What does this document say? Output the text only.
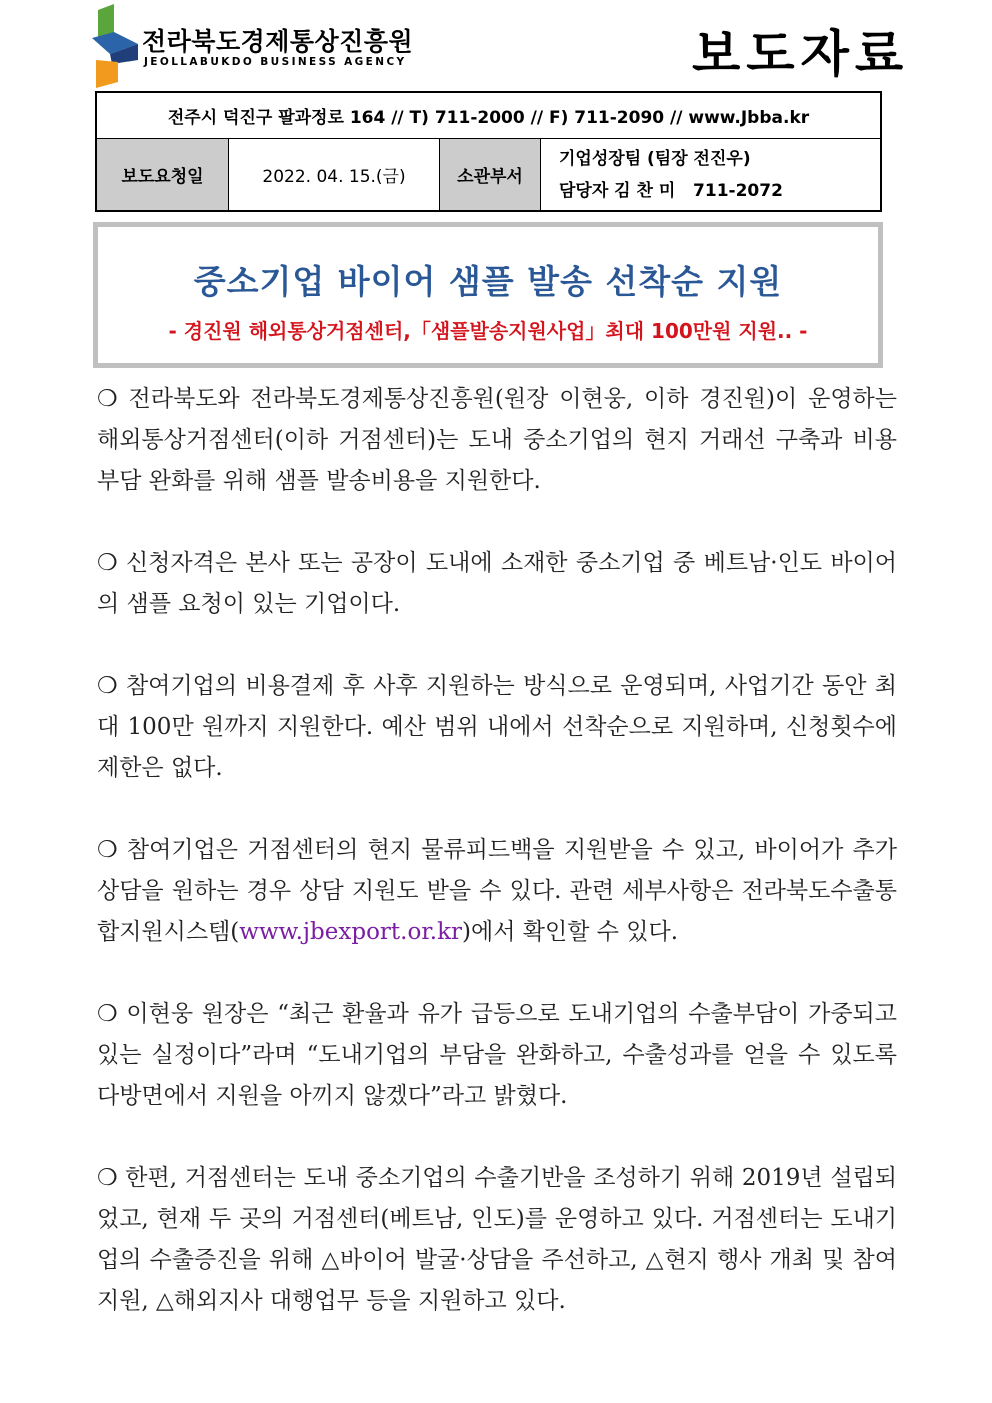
전라북도경제통상진흥원
JEOLLABUKDO BUSINESS AGENCY	보도자료
전주시 덕진구 팔과정로 164 // T) 711-2000 // F) 711-2090 // www.Jbba.kr
보도요청일	2022. 04. 15.(금)	소관부서	
기업성장팀 (팀장 전진우)
담당자 김 찬 미   711-2072
중소기업 바이어 샘플 발송 선착순 지원
- 경진원 해외통상거점센터,「샘플발송지원사업」최대 100만원 지원.. -

❍ 전라북도와 전라북도경제통상진흥원(원장 이현웅, 이하 경진원)이 운영하는 해외통상거점센터(이하 거점센터)는 도내 중소기업의 현지 거래선 구축과 비용부담 완화를 위해 샘플 발송비용을 지원한다.

❍ 신청자격은 본사 또는 공장이 도내에 소재한 중소기업 중 베트남·인도 바이어의 샘플 요청이 있는 기업이다.

❍ 참여기업의 비용결제 후 사후 지원하는 방식으로 운영되며, 사업기간 동안 최대 100만 원까지 지원한다. 예산 범위 내에서 선착순으로 지원하며, 신청횟수에 제한은 없다.

❍ 참여기업은 거점센터의 현지 물류피드백을 지원받을 수 있고, 바이어가 추가 상담을 원하는 경우 상담 지원도 받을 수 있다. 관련 세부사항은 전라북도수출통합지원시스템(www.jbexport.or.kr)에서 확인할 수 있다.

❍ 이현웅 원장은 “최근 환율과 유가 급등으로 도내기업의 수출부담이 가중되고 있는 실정이다”라며 “도내기업의 부담을 완화하고, 수출성과를 얻을 수 있도록 다방면에서 지원을 아끼지 않겠다”라고 밝혔다.

❍ 한편, 거점센터는 도내 중소기업의 수출기반을 조성하기 위해 2019년 설립되었고, 현재 두 곳의 거점센터(베트남, 인도)를 운영하고 있다. 거점센터는 도내기업의 수출증진을 위해 △바이어 발굴·상담을 주선하고, △현지 행사 개최 및 참여 지원, △해외지사 대행업무 등을 지원하고 있다.
